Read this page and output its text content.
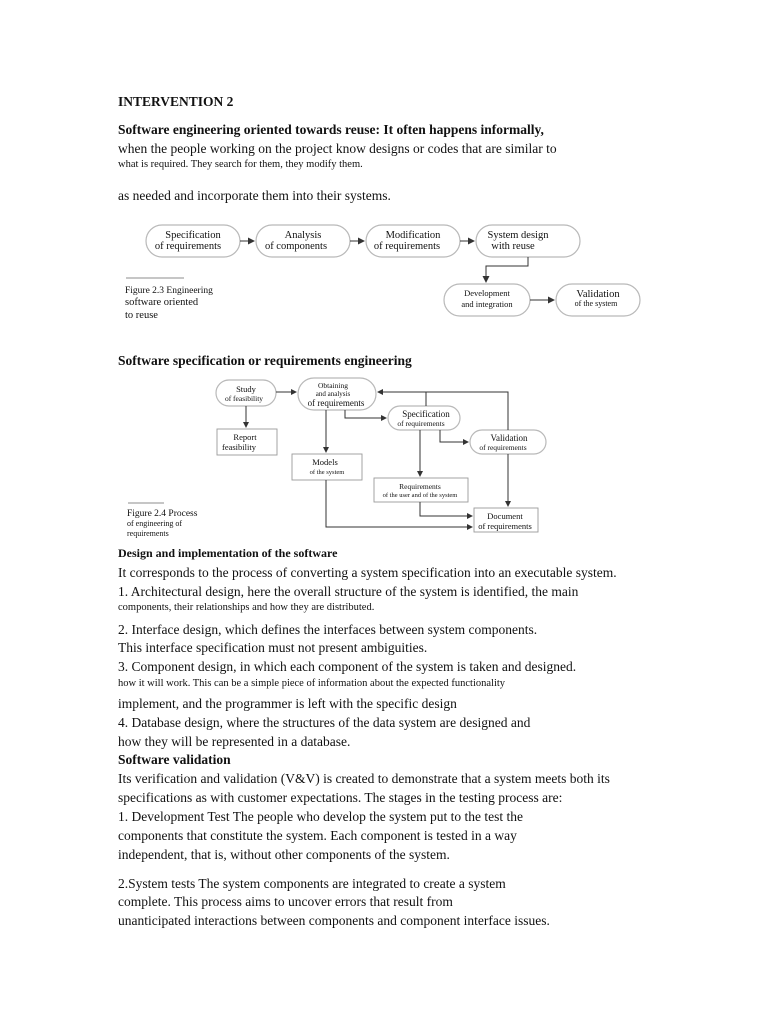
INTERVENTION 2
Software engineering oriented towards reuse: It often happens informally,
when the people working on the project know designs or codes that are similar to
what is required. They search for them, they modify them.
as needed and incorporate them into their systems.
Specification
of requirements
Analysis
of components
Modification
of requirements
System design
with reuse
Development
and integration
Validation
of the system
Figure 2.3 Engineering
software oriented
to reuse
Software specification or requirements engineering
Study
of feasibility
Obtaining
and analysis
of requirements
Specification
of requirements
Validation
of requirements
Report
feasibility
Models
of the system
Requirements
of the user and of the system
Document
of requirements
Figure 2.4 Process
of engineering of
requirements
Design and implementation of the software
It corresponds to the process of converting a system specification into an executable system.
1. Architectural design, here the overall structure of the system is identified, the main
components, their relationships and how they are distributed.
2. Interface design, which defines the interfaces between system components.
This interface specification must not present ambiguities.
3. Component design, in which each component of the system is taken and designed.
how it will work. This can be a simple piece of information about the expected functionality
implement, and the programmer is left with the specific design
4. Database design, where the structures of the data system are designed and
how they will be represented in a database.
Software validation
Its verification and validation (V&V) is created to demonstrate that a system meets both its
specifications as with customer expectations. The stages in the testing process are:
1. Development Test The people who develop the system put to the test the
components that constitute the system. Each component is tested in a way
independent, that is, without other components of the system.
2.System tests The system components are integrated to create a system
complete. This process aims to uncover errors that result from
unanticipated interactions between components and component interface issues.
